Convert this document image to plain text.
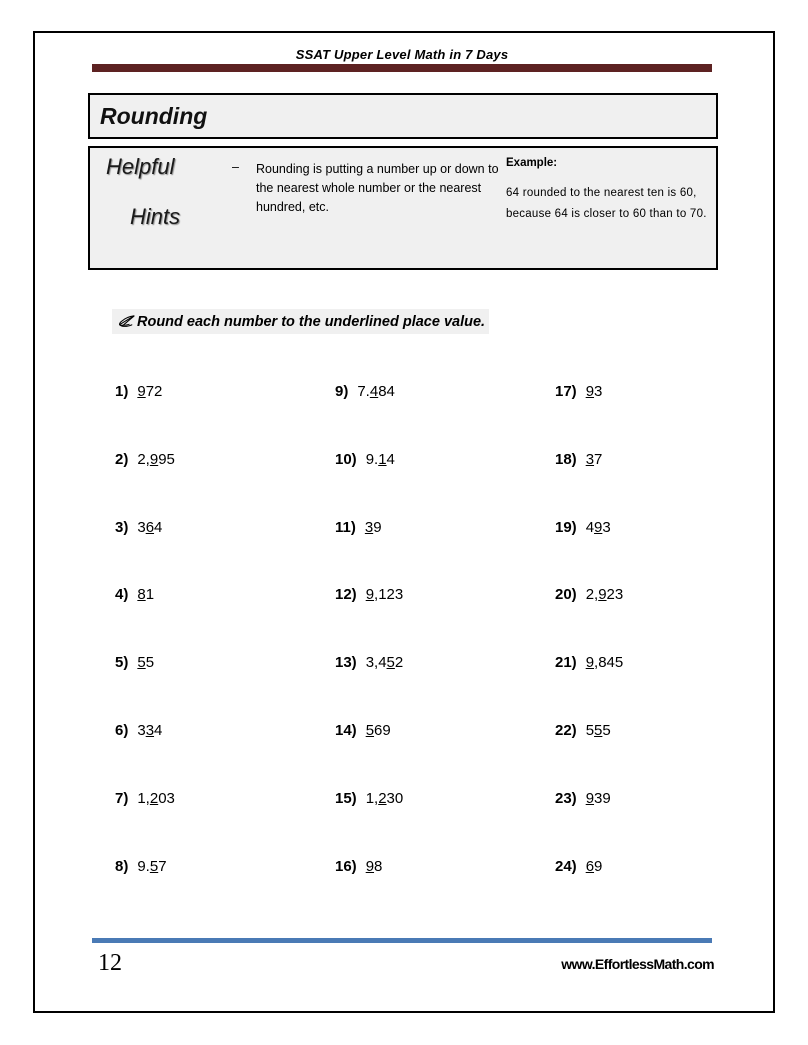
SSAT Upper Level Math in 7 Days
Rounding
Helpful
Hints
–	Rounding is putting a number up or down to the nearest whole number or the nearest hundred, etc.
Example:
64 rounded to the nearest ten is 60, because 64 is closer to 60 than to 70.
Round each number to the underlined place value.
1) 972	9) 7.484	17) 93
2) 2,995	10) 9.14	18) 37
3) 364	11) 39	19) 493
4) 81	12) 9,123	20) 2,923
5) 55	13) 3,452	21) 9,845
6) 334	14) 569	22) 555
7) 1,203	15) 1,230	23) 939
8) 9.57	16) 98	24) 69
12	www.EffortlessMath.com
